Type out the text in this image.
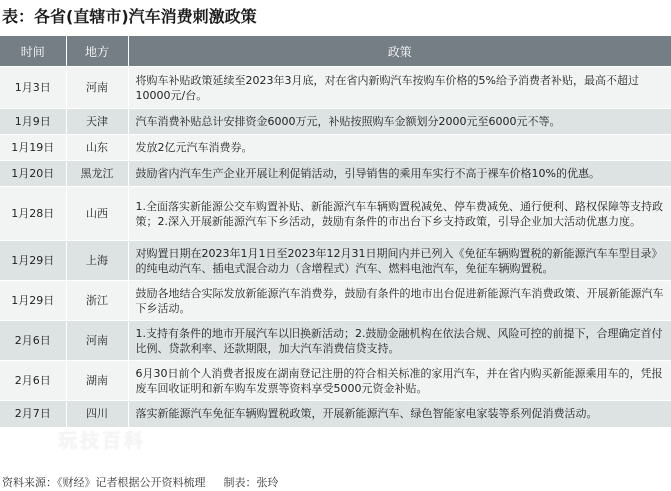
表：各省(直辖市)汽车消费刺激政策
时间	地方	政策
1月3日	河南	将购车补贴政策延续至2023年3月底，对在省内新购汽车按购车价格的5%给予消费者补贴，最高不超过10000元/台。
1月9日	天津	汽车消费补贴总计安排资金6000万元，补贴按照购车金额划分2000元至6000元不等。
1月19日	山东	发放2亿元汽车消费券。
1月20日	黑龙江	鼓励省内汽车生产企业开展让利促销活动，引导销售的乘用车实行不高于裸车价格10%的优惠。
1月28日	山西	1.全面落实新能源公交车购置补贴、新能源汽车车辆购置税减免、停车费减免、通行便利、路权保障等支持政策；2.深入开展新能源汽车下乡活动，鼓励有条件的市出台下乡支持政策，引导企业加大活动优惠力度。
1月29日	上海	对购置日期在2023年1月1日至2023年12月31日期间内并已列入《免征车辆购置税的新能源汽车车型目录》的纯电动汽车、插电式混合动力（含增程式）汽车、燃料电池汽车，免征车辆购置税。
1月29日	浙江	鼓励各地结合实际发放新能源汽车消费券，鼓励有条件的地市出台促进新能源汽车消费政策、开展新能源汽车下乡活动。
2月6日	河南	1.支持有条件的地市开展汽车以旧换新活动；2.鼓励金融机构在依法合规、风险可控的前提下，合理确定首付比例、贷款利率、还款期限，加大汽车消费信贷支持。
2月6日	湖南	6月30日前个人消费者报废在湖南登记注册的符合相关标准的家用汽车，并在省内购买新能源乘用车的，凭报废车回收证明和新车购车发票等资料享受5000元资金补贴。
2月7日	四川	落实新能源汽车免征车辆购置税政策，开展新能源汽车、绿色智能家电家装等系列促消费活动。
玩技百科
资料来源：《财经》记者根据公开资料梳理 制表：张玲
